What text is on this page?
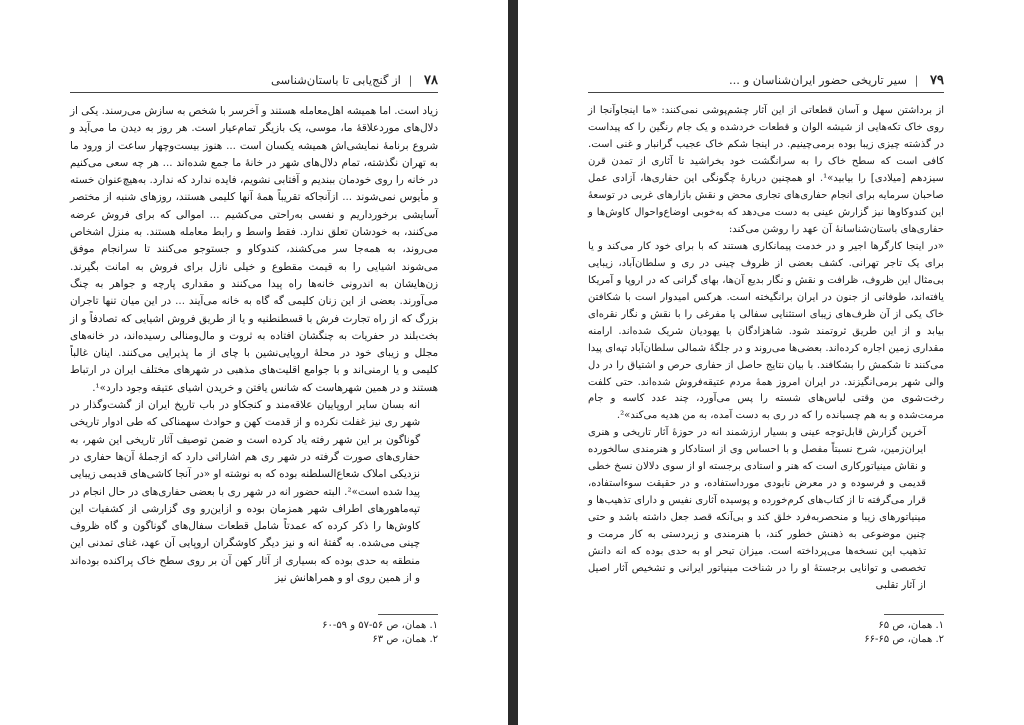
۷۸ | از گنج‌یابی تا باستان‌شناسی

زیاد است. اما همیشه اهل‌معامله هستند و آخرسر با شخص به سازش می‌رسند. یکی از دلال‌های موردعلاقهٔ ما، موسی، یک بازیگر تمام‌عیار است. هر روز به دیدن ما می‌آید و شروع برنامهٔ نمایشی‌اش همیشه یکسان است ... هنوز بیست‌وچهار ساعت از ورود ما به تهران نگذشته، تمام دلال‌های شهر در خانهٔ ما جمع شده‌اند ... هر چه سعی می‌کنیم در خانه را روی خودمان ببندیم و آفتابی نشویم، فایده ندارد که ندارد. به‌هیچ‌عنوان خسته و مأیوس نمی‌شوند ... ازآنجاکه تقریباً همهٔ آنها کلیمی هستند، روزهای شنبه از مختصر آسایشی برخورداریم و نفسی به‌راحتی می‌کشیم ... اموالی که برای فروش عرضه می‌کنند، به خودشان تعلق ندارد. فقط واسط و رابط معامله هستند. به منزل اشخاص می‌روند، به همه‌جا سر می‌کشند، کندوکاو و جستوجو می‌کنند تا سرانجام موفق می‌شوند اشیایی را به قیمت مقطوع و خیلی نازل برای فروش به امانت بگیرند. زن‌هایشان به اندرونی خانه‌ها راه پیدا می‌کنند و مقداری پارچه و جواهر به چنگ می‌آورند. بعضی از این زنان کلیمی گه گاه به خانه می‌آیند ... در این میان تنها تاجران بزرگ که از راه تجارت فرش با قسطنطنیه و یا از طریق فروش اشیایی که تصادفاً و از بخت‌بلند در حفریات به چنگشان افتاده به ثروت و مال‌ومنالی رسیده‌اند، در خانه‌های مجلل و زیبای خود در محلهٔ اروپایی‌نشین با چای از ما پذیرایی می‌کنند. اینان غالباً کلیمی و یا ارمنی‌اند و با جوامع اقلیت‌های مذهبی در شهرهای مختلف ایران در ارتباط هستند و در همین شهرهاست که شانس یافتن و خریدن اشیای عتیقه وجود دارد»¹.

انه بسان سایر اروپاییان علاقه‌مند و کنجکاو در باب تاریخ ایران از گشت‌وگذار در شهر ری نیز غفلت نکرده و از قدمت کهن و حوادث سهمناکی که طی ادوار تاریخی گوناگون بر این شهر رفته یاد کرده است و ضمن توصیف آثار تاریخی این شهر، به حفاری‌های صورت گرفته در شهر ری هم اشاراتی دارد که ازجملهٔ آن‌ها حفاری در نزدیکی املاک شعاع‌السلطنه بوده که به نوشته او «در آنجا کاشی‌های قدیمی زیبایی پیدا شده است»². البته حضور انه در شهر ری با بعضی حفاری‌های در حال انجام در تپه‌ماهورهای اطراف شهر همزمان بوده و ازاین‌رو وی گزارشی از کشفیات این کاوش‌ها را ذکر کرده که عمدتاً شامل قطعات سفال‌های گوناگون و گاه ظروف چینی می‌شده. به گفتهٔ انه و نیز دیگر کاوشگران اروپایی آن عهد، غنای تمدنی این منطقه به حدی بوده که بسیاری از آثار کهن آن بر روی سطح خاک پراکنده بوده‌اند و از همین روی او و همراهانش نیز

۱. همان، ص ۵۶-۵۷ و ۵۹-۶۰
۲. همان، ص ۶۳
۷۹ | سیر تاریخی حضور ایران‌شناسان و ...

از برداشتن سهل و آسان قطعاتی از این آثار چشم‌پوشی نمی‌کنند: «ما اینجاوآنجا از روی خاک تکه‌هایی از شیشه الوان و قطعات خردشده و یک جام رنگین را که پیداست در گذشته چیزی زیبا بوده برمی‌چینیم. در اینجا شکم خاک عجیب گرانبار و غنی است. کافی است که سطح خاک را به سرانگشت خود بخراشید تا آثاری از تمدن قرن سیزدهم [میلادی] را بیابید»¹. او همچنین دربارهٔ چگونگی این حفاری‌ها، آزادی عمل صاحبان سرمایه برای انجام حفاری‌های تجاری محض و نقش بازارهای غربی در توسعهٔ این کندوکاوها نیز گزارش عینی به دست می‌دهد که به‌خوبی اوضاع‌واحوال کاوش‌ها و حفاری‌های باستان‌شناسانهٔ آن عهد را روشن می‌کند:

«در اینجا کارگرها اجیر و در خدمت پیمانکاری هستند که با برای خود کار می‌کند و یا برای یک تاجر تهرانی. کشف بعضی از ظروف چینی در ری و سلطان‌آباد، زیبایی بی‌مثال این ظروف، ظرافت و نقش و نگار بدیع آن‌ها، بهای گرانی که در اروپا و آمریکا یافته‌اند، طوفانی از جنون در ایران برانگیخته است. هرکس امیدوار است با شکافتن خاک یکی از آن ظرف‌های زیبای استثنایی سفالی یا مفرغی را با نقش و نگار نقره‌ای بیابد و از این طریق ثروتمند شود. شاهزادگان با یهودیان شریک شده‌اند. ارامنه مقداری زمین اجاره کرده‌اند. بعضی‌ها می‌روند و در جلگهٔ شمالی سلطان‌آباد تپه‌ای پیدا می‌کنند تا شکمش را بشکافند. با بیان نتایج حاصل از حفاری حرص و اشتیاق را در دل والی شهر برمی‌انگیزند. در ایران امروز همهٔ مردم عتیقه‌فروش شده‌اند. حتی کلفت رخت‌شوی من وقتی لباس‌های شسته را پس می‌آورد، چند عدد کاسه و جام مرمت‌شده و به هم چسبانده را که در ری به دست آمده، به من هدیه می‌کند»².

آخرین گزارش قابل‌توجه عینی و بسیار ارزشمند انه در حوزهٔ آثار تاریخی و هنری ایران‌زمین، شرح نسبتاً مفصل و با احساس وی از استادکار و هنرمندی سالخورده و نقاش مینیاتورکاری است که هنر و استادی برجسته او از سوی دلالان نسخ خطی قدیمی و فرسوده و در معرض نابودی مورداستفاده، و در حقیقت سوءاستفاده، قرار می‌گرفته تا از کتاب‌های کرم‌خورده و پوسیده آثاری نفیس و دارای تذهیب‌ها و مینیاتورهای زیبا و منحصربه‌فرد خلق کند و بی‌آنکه قصد جعل داشته باشد و حتی چنین موضوعی به ذهنش خطور کند، با هنرمندی و زبردستی به کار مرمت و تذهیب این نسخه‌ها می‌پرداخته است. میزان تبحر او به حدی بوده که انه دانش تخصصی و توانایی برجستهٔ او را در شناخت مینیاتور ایرانی و تشخیص آثار اصیل از آثار تقلبی

۱. همان، ص ۶۵
۲. همان، ص ۶۵-۶۶
